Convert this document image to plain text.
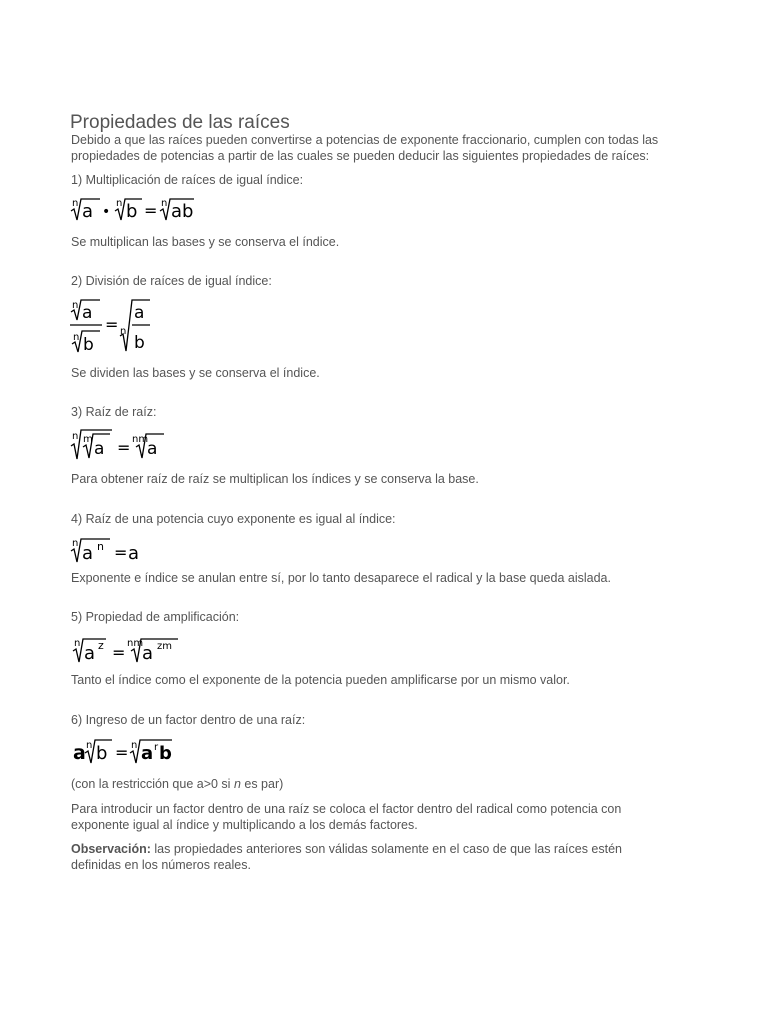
Propiedades de las raíces
Debido a que las raíces pueden convertirse a potencias de exponente fraccionario, cumplen con todas las
propiedades de potencias a partir de las cuales se pueden deducir las siguientes propiedades de raíces:
1) Multiplicación de raíces de igual índice:
n a •
n b = n ab
Se multiplican las bases y se conserva el índice.
2) División de raíces de igual índice:
n a
n b
= n
a
b
Se dividen las bases y se conserva el índice.
3) Raíz de raíz:
n m a = nm
a
Para obtener raíz de raíz se multiplican los índices y se conserva la base.
4) Raíz de una potencia cuyo exponente es igual al índice:
n a n = a
Exponente e índice se anulan entre sí, por lo tanto desaparece el radical y la base queda aislada.
5) Propiedad de amplificación:
n a z = nm
a zm
Tanto el índice como el exponente de la potencia pueden amplificarse por un mismo valor.
6) Ingreso de un factor dentro de una raíz:
a n b = n a r b
(con la restricción que a>0 si n es par)
Para introducir un factor dentro de una raíz se coloca el factor dentro del radical como potencia con
exponente igual al índice y multiplicando a los demás factores.
Observación: las propiedades anteriores son válidas solamente en el caso de que las raíces estén
definidas en los números reales.
